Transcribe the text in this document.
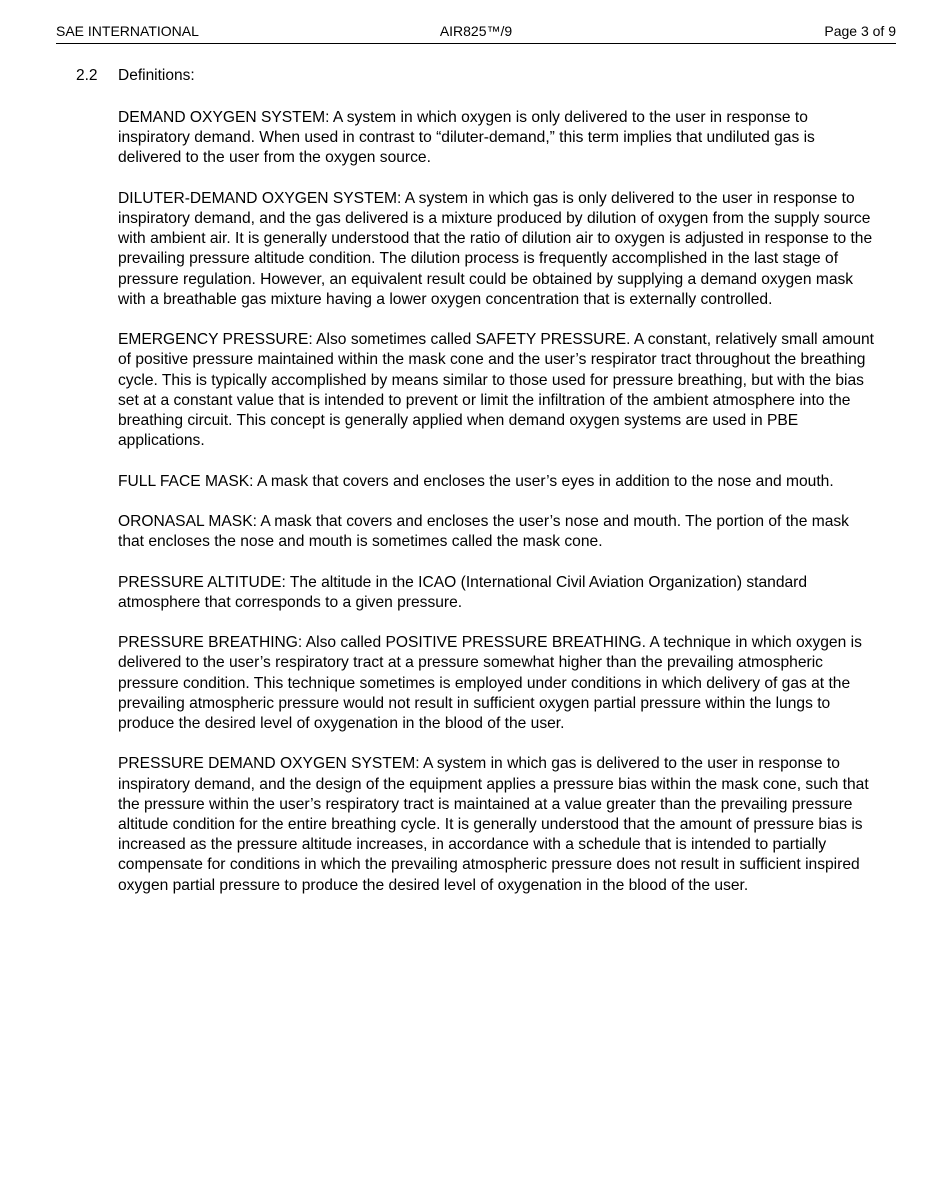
SAE INTERNATIONAL	AIR825™/9	Page 3 of 9
2.2 Definitions:

DEMAND OXYGEN SYSTEM: A system in which oxygen is only delivered to the user in response to inspiratory demand. When used in contrast to “diluter-demand,” this term implies that undiluted gas is delivered to the user from the oxygen source.

DILUTER-DEMAND OXYGEN SYSTEM: A system in which gas is only delivered to the user in response to inspiratory demand, and the gas delivered is a mixture produced by dilution of oxygen from the supply source with ambient air. It is generally understood that the ratio of dilution air to oxygen is adjusted in response to the prevailing pressure altitude condition. The dilution process is frequently accomplished in the last stage of pressure regulation. However, an equivalent result could be obtained by supplying a demand oxygen mask with a breathable gas mixture having a lower oxygen concentration that is externally controlled.

EMERGENCY PRESSURE: Also sometimes called SAFETY PRESSURE. A constant, relatively small amount of positive pressure maintained within the mask cone and the user’s respirator tract throughout the breathing cycle. This is typically accomplished by means similar to those used for pressure breathing, but with the bias set at a constant value that is intended to prevent or limit the infiltration of the ambient atmosphere into the breathing circuit. This concept is generally applied when demand oxygen systems are used in PBE applications.

FULL FACE MASK: A mask that covers and encloses the user’s eyes in addition to the nose and mouth.

ORONASAL MASK: A mask that covers and encloses the user’s nose and mouth. The portion of the mask that encloses the nose and mouth is sometimes called the mask cone.

PRESSURE ALTITUDE: The altitude in the ICAO (International Civil Aviation Organization) standard atmosphere that corresponds to a given pressure.

PRESSURE BREATHING: Also called POSITIVE PRESSURE BREATHING. A technique in which oxygen is delivered to the user’s respiratory tract at a pressure somewhat higher than the prevailing atmospheric pressure condition. This technique sometimes is employed under conditions in which delivery of gas at the prevailing atmospheric pressure would not result in sufficient oxygen partial pressure within the lungs to produce the desired level of oxygenation in the blood of the user.

PRESSURE DEMAND OXYGEN SYSTEM: A system in which gas is delivered to the user in response to inspiratory demand, and the design of the equipment applies a pressure bias within the mask cone, such that the pressure within the user’s respiratory tract is maintained at a value greater than the prevailing pressure altitude condition for the entire breathing cycle. It is generally understood that the amount of pressure bias is increased as the pressure altitude increases, in accordance with a schedule that is intended to partially compensate for conditions in which the prevailing atmospheric pressure does not result in sufficient inspired oxygen partial pressure to produce the desired level of oxygenation in the blood of the user.
